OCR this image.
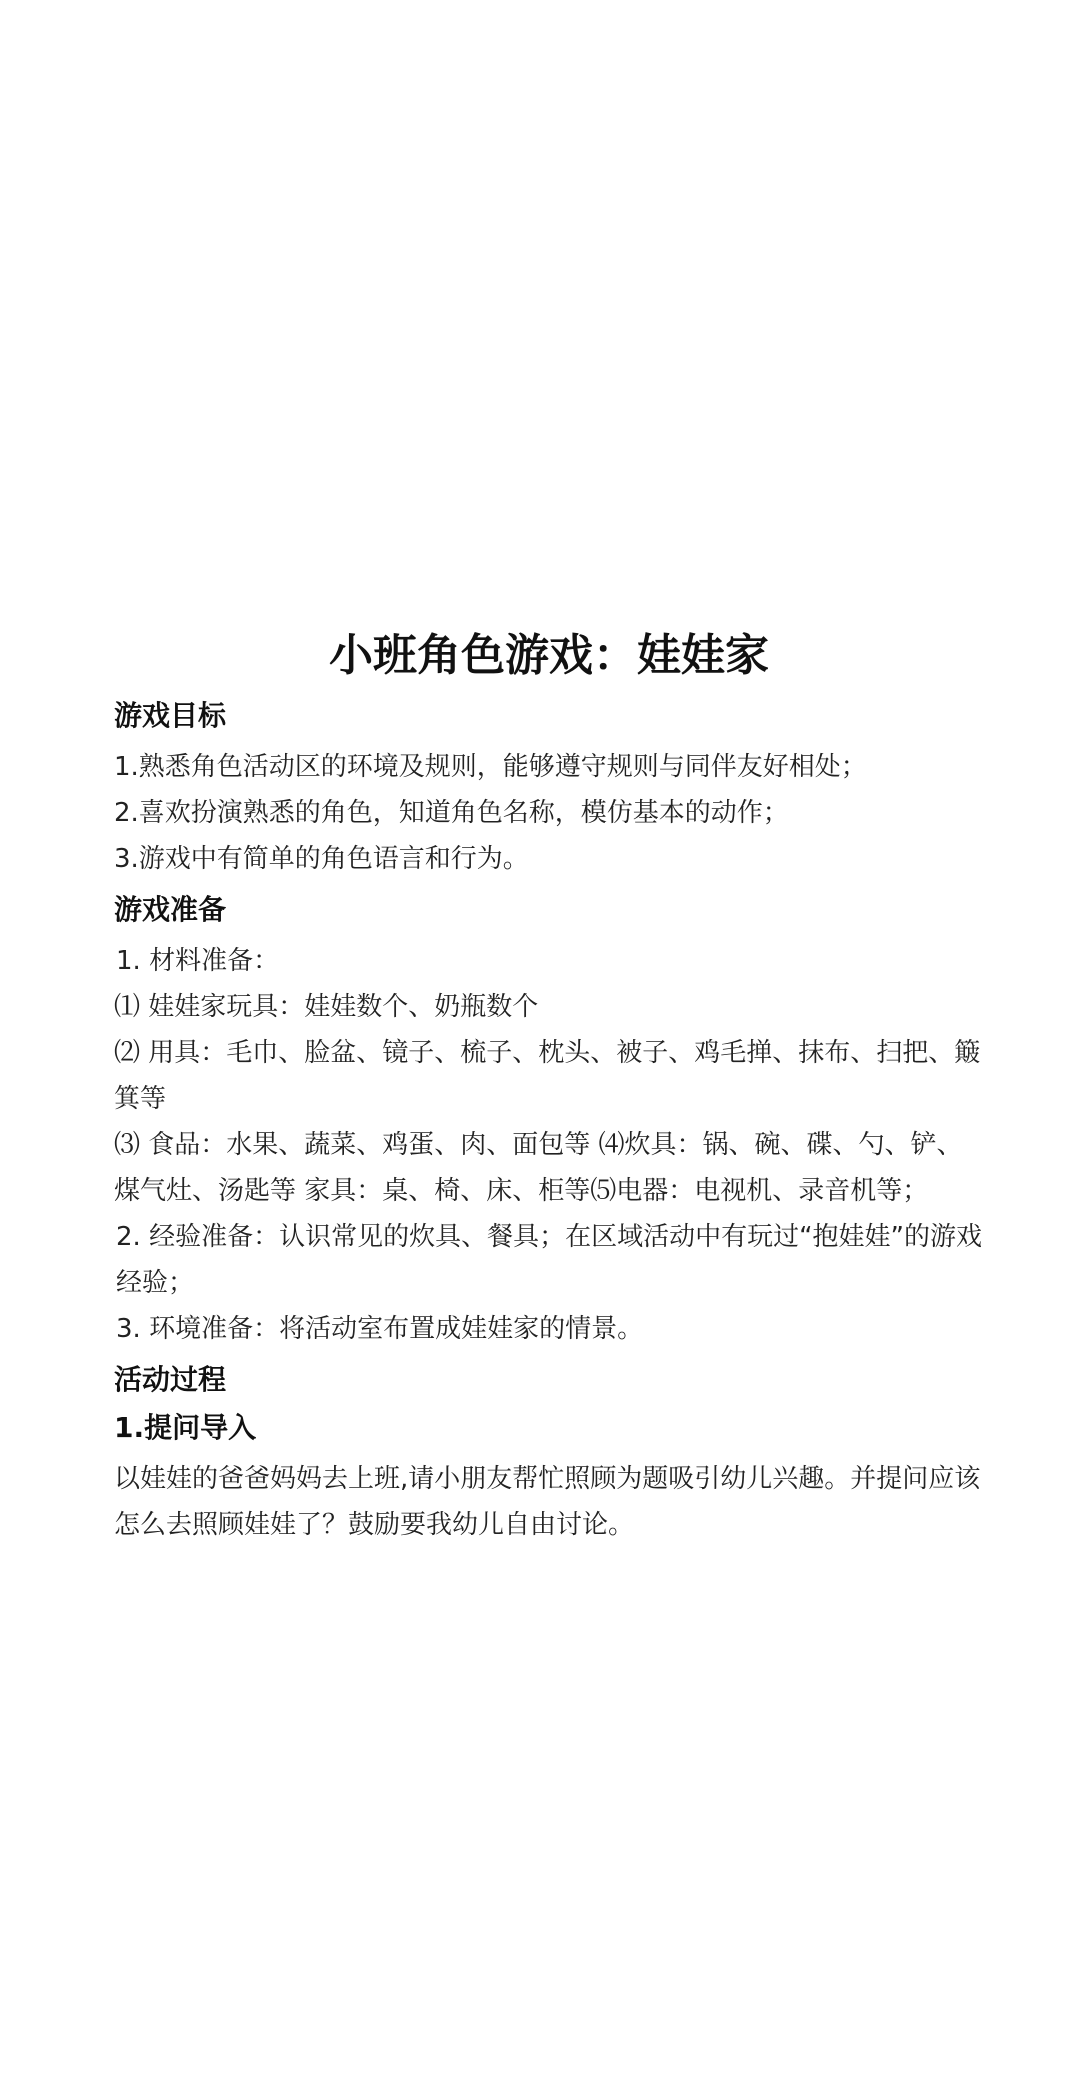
小班角色游戏：娃娃家
游戏目标

1.熟悉角色活动区的环境及规则，能够遵守规则与同伴友好相处；

2.喜欢扮演熟悉的角色，知道角色名称，模仿基本的动作；

3.游戏中有简单的角色语言和行为。

游戏准备

1. 材料准备：

⑴ 娃娃家玩具：娃娃数个、奶瓶数个

⑵ 用具：毛巾、脸盆、镜子、梳子、枕头、被子、鸡毛掸、抹布、扫把、簸箕等

⑶ 食品：水果、蔬菜、鸡蛋、肉、面包等 ⑷炊具：锅、碗、碟、勺、铲、煤气灶、汤匙等 家具：桌、椅、床、柜等⑸电器：电视机、录音机等；

2. 经验准备：认识常见的炊具、餐具；在区域活动中有玩过“抱娃娃”的游戏经验；

3. 环境准备：将活动室布置成娃娃家的情景。

活动过程
1.提问导入

以娃娃的爸爸妈妈去上班,请小朋友帮忙照顾为题吸引幼儿兴趣。并提问应该怎么去照顾娃娃了？鼓励要我幼儿自由讨论。
